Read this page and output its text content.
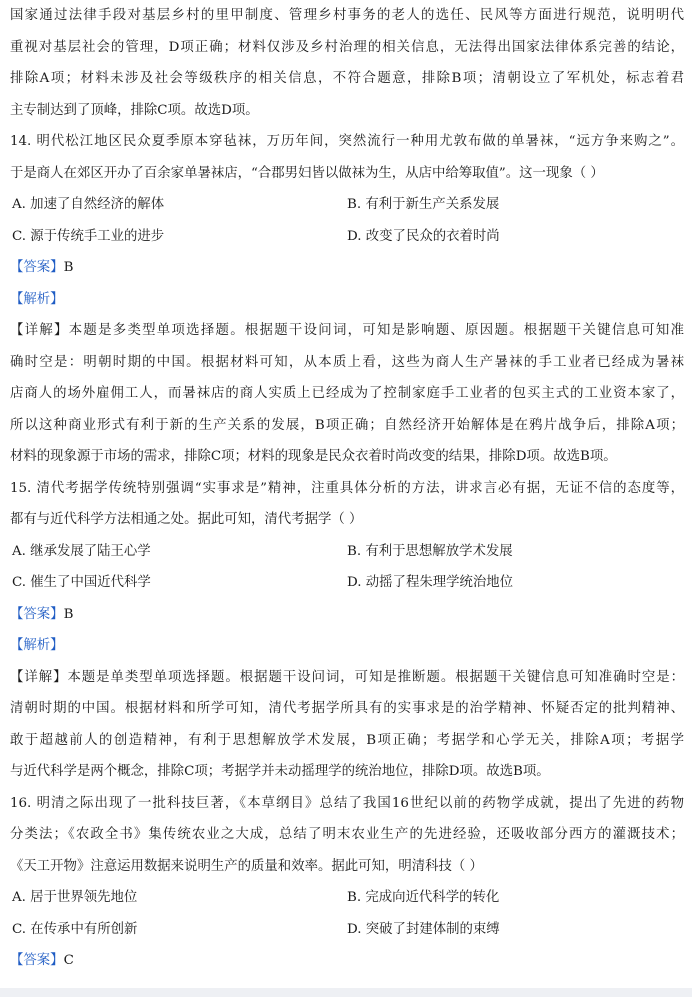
国家通过法律手段对基层乡村的里甲制度、管理乡村事务的老人的选任、民风等方面进行规范，说明明代
重视对基层社会的管理，D项正确；材料仅涉及乡村治理的相关信息，无法得出国家法律体系完善的结论，
排除A项；材料未涉及社会等级秩序的相关信息，不符合题意，排除B项；清朝设立了军机处，标志着君
主专制达到了顶峰，排除C项。故选D项。
14. 明代松江地区民众夏季原本穿毡袜，万历年间，突然流行一种用尤敦布做的单暑袜，“远方争来购之”。
于是商人在郊区开办了百余家单暑袜店，“合郡男妇皆以做袜为生，从店中给筹取值”。这一现象（ ）
A. 加速了自然经济的解体	B. 有利于新生产关系发展
C. 源于传统手工业的进步	D. 改变了民众的衣着时尚
【答案】B
【解析】
【详解】本题是多类型单项选择题。根据题干设问词，可知是影响题、原因题。根据题干关键信息可知准
确时空是：明朝时期的中国。根据材料可知，从本质上看，这些为商人生产暑袜的手工业者已经成为暑袜
店商人的场外雇佣工人，而暑袜店的商人实质上已经成为了控制家庭手工业者的包买主式的工业资本家了，
所以这种商业形式有利于新的生产关系的发展，B项正确；自然经济开始解体是在鸦片战争后，排除A项；
材料的现象源于市场的需求，排除C项；材料的现象是民众衣着时尚改变的结果，排除D项。故选B项。
15. 清代考据学传统特别强调“实事求是”精神，注重具体分析的方法，讲求言必有据，无证不信的态度等，
都有与近代科学方法相通之处。据此可知，清代考据学（ ）
A. 继承发展了陆王心学	B. 有利于思想解放学术发展
C. 催生了中国近代科学	D. 动摇了程朱理学统治地位
【答案】B
【解析】
【详解】本题是单类型单项选择题。根据题干设问词，可知是推断题。根据题干关键信息可知准确时空是：
清朝时期的中国。根据材料和所学可知，清代考据学所具有的实事求是的治学精神、怀疑否定的批判精神、
敢于超越前人的创造精神，有利于思想解放学术发展，B项正确；考据学和心学无关，排除A项；考据学
与近代科学是两个概念，排除C项；考据学并未动摇理学的统治地位，排除D项。故选B项。
16. 明清之际出现了一批科技巨著，《本草纲目》总结了我国16世纪以前的药物学成就，提出了先进的药物
分类法；《农政全书》集传统农业之大成，总结了明末农业生产的先进经验，还吸收部分西方的灌溉技术；
《天工开物》注意运用数据来说明生产的质量和效率。据此可知，明清科技（ ）
A. 居于世界领先地位	B. 完成向近代科学的转化
C. 在传承中有所创新	D. 突破了封建体制的束缚
【答案】C
